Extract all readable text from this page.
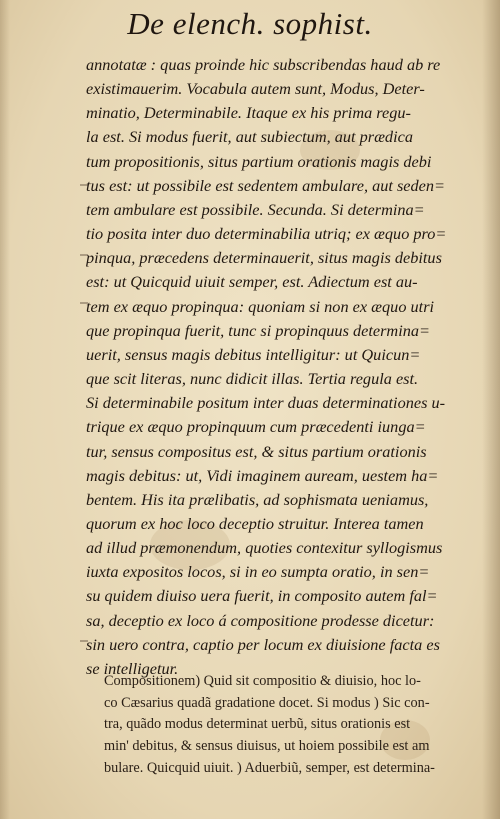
De elench. sophist.
annotatæ : quas proinde hic subscribendas haud ab re
existimauerim. Vocabula autem sunt, Modus, Deter-
minatio, Determinabile. Itaque ex his prima regu-
la est. Si modus fuerit, aut subiectum, aut prædica
tum propositionis, situs partium orationis magis debi
tus est: ut possibile est sedentem ambulare, aut seden=
tem ambulare est possibile. Secunda. Si determina=
tio posita inter duo determinabilia utriq; ex æquo pro=
pinqua, præcedens determinauerit, situs magis debitus
est: ut Quicquid uiuit semper, est. Adiectum est au-
tem ex æquo propinqua: quoniam si non ex æquo utri
que propinqua fuerit, tunc si propinquus determina=
uerit, sensus magis debitus intelligitur: ut Quicun=
que scit literas, nunc didicit illas. Tertia regula est.
Si determinabile positum inter duas determinationes u-
trique ex æquo propinquum cum præcedenti iunga=
tur, sensus compositus est, & situs partium orationis
magis debitus: ut, Vidi imaginem auream, uestem ha=
bentem. His ita prælibatis, ad sophismata ueniamus,
quorum ex hoc loco deceptio struitur. Interea tamen
ad illud præmonendum, quoties contexitur syllogismus
iuxta expositos locos, si in eo sumpta oratio, in sen=
su quidem diuiso uera fuerit, in composito autem fal=
sa, deceptio ex loco á compositione prodesse dicetur:
sin uero contra, captio per locum ex diuisione facta es
se intelligetur.
Compositionem) Quid sit compositio & diuisio, hoc lo-
co Cæsarius quadã gradatione docet. Si modus ) Sic con-
tra, quãdo modus determinat uerbũ, situs orationis est
min' debitus, & sensus diuisus, ut hoiem possibile est am
bulare. Quicquid uiuit. ) Aduerbiũ, semper, est determina-
